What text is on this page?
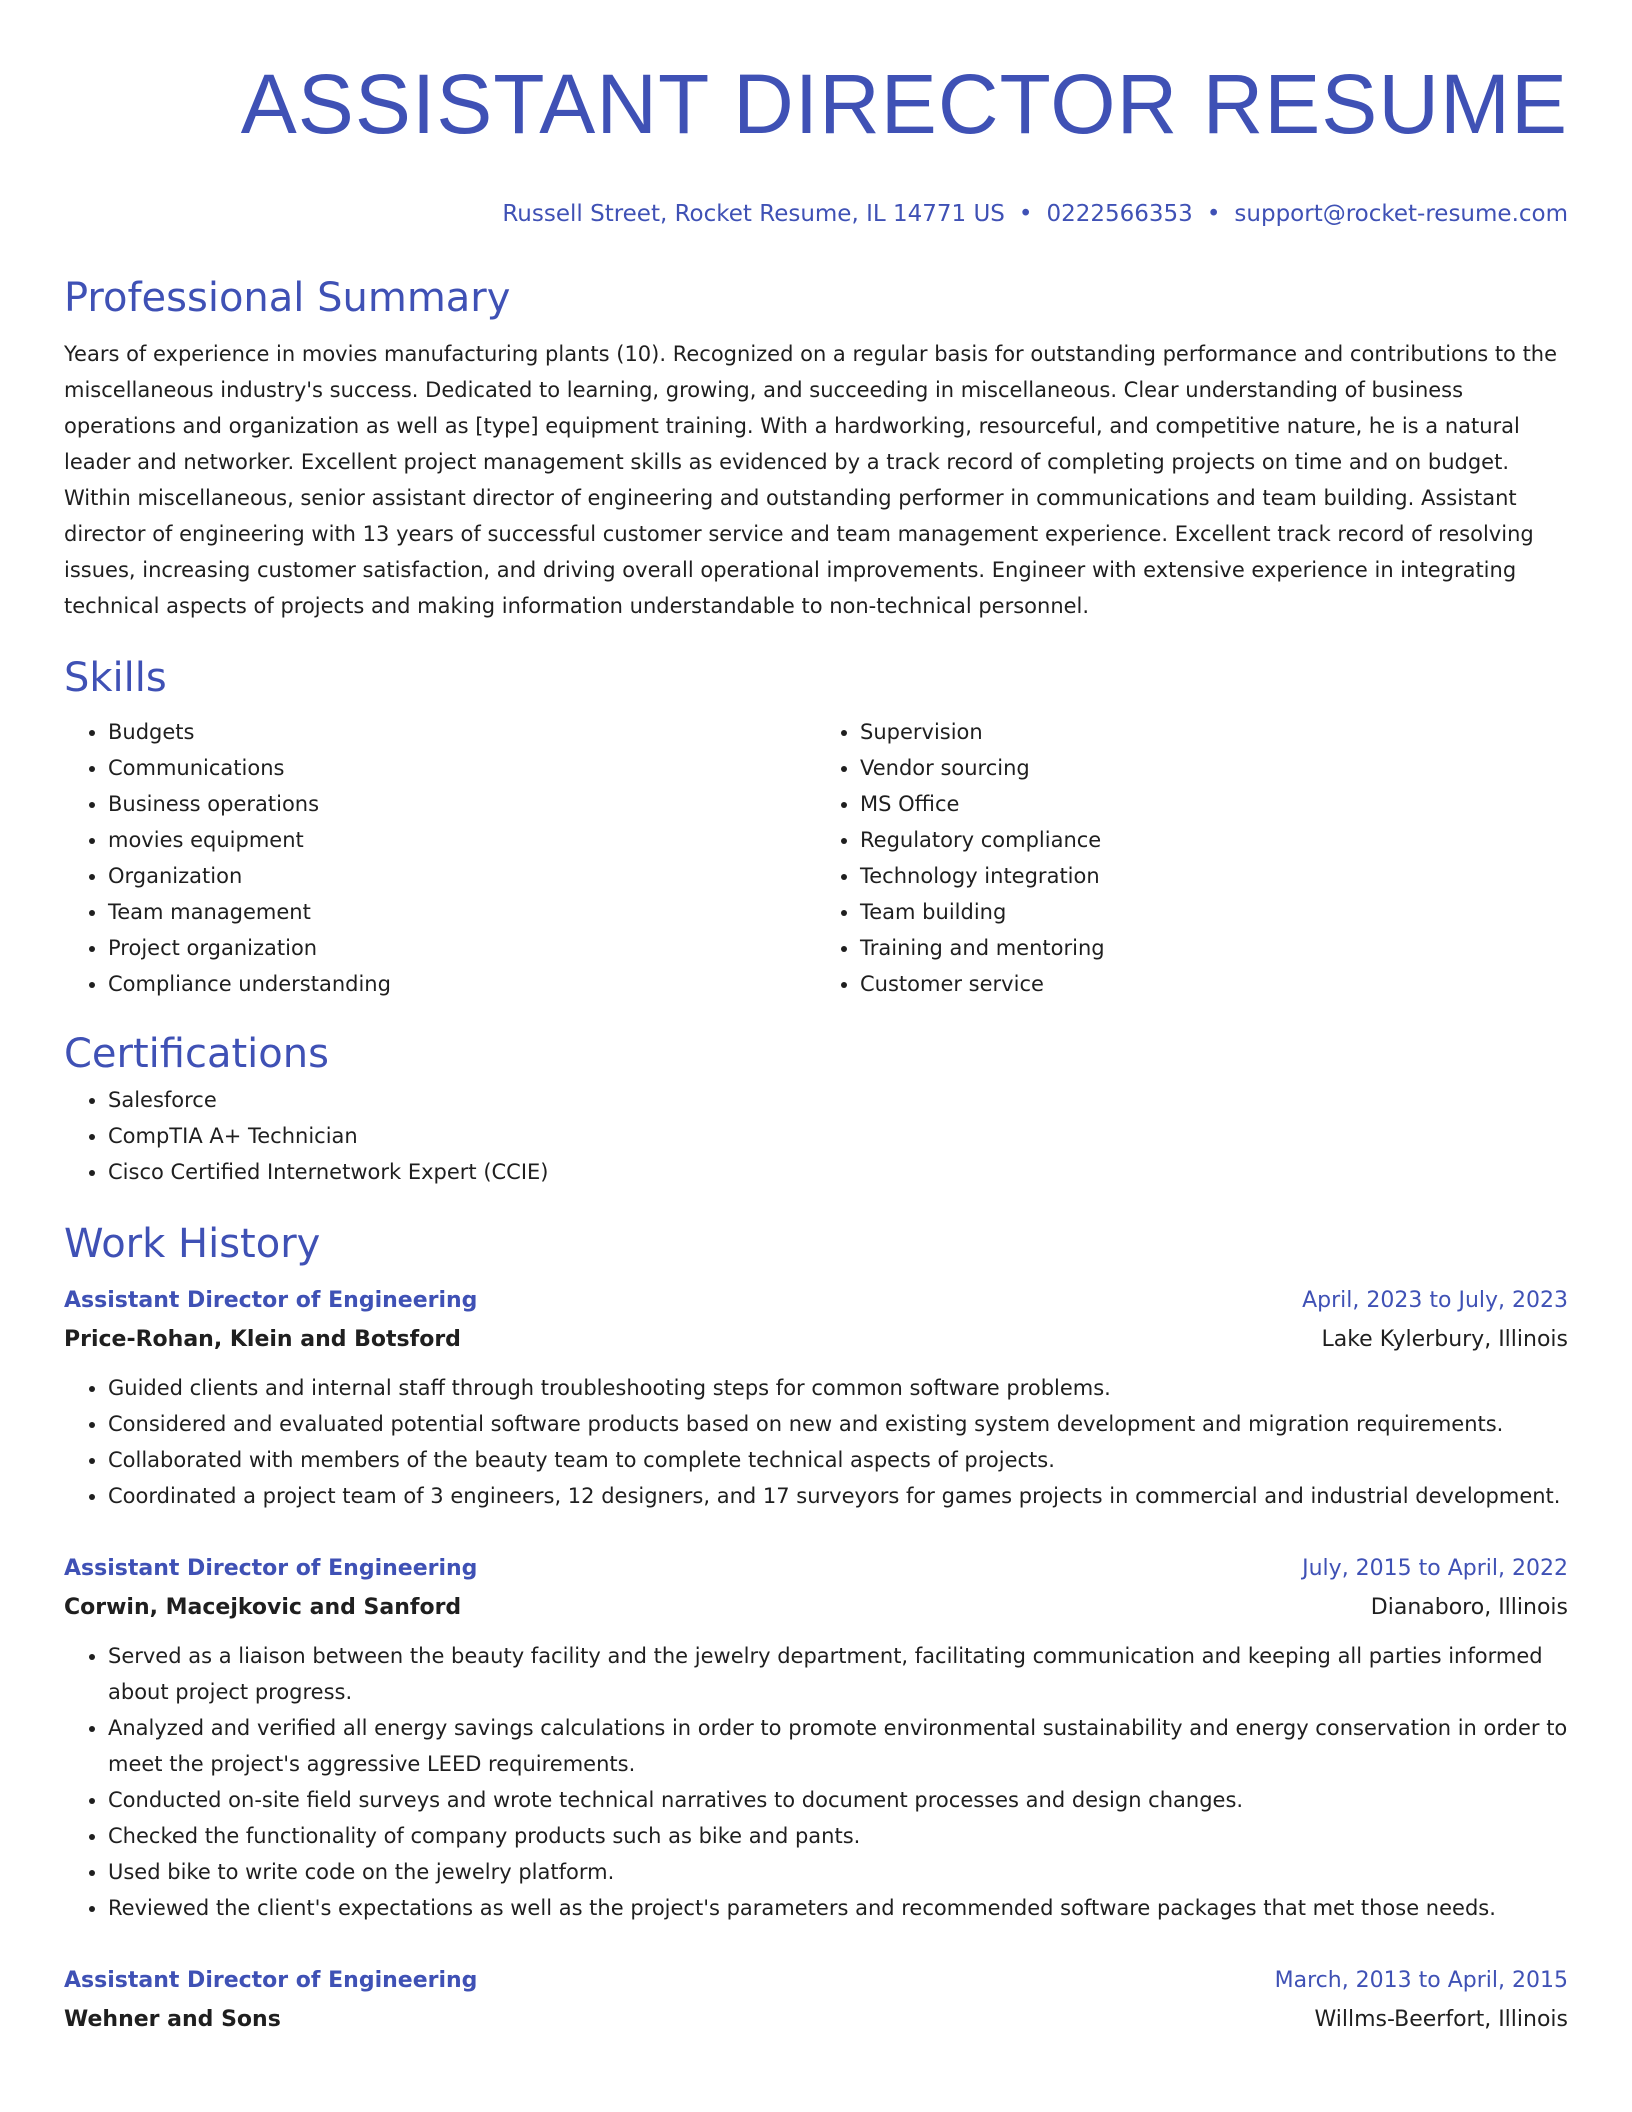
ASSISTANT DIRECTOR RESUME
Russell Street, Rocket Resume, IL 14771 US • 0222566353 • support@rocket-resume.com
Professional Summary

Years of experience in movies manufacturing plants (10). Recognized on a regular basis for outstanding performance and contributions to the miscellaneous industry's success. Dedicated to learning, growing, and succeeding in miscellaneous. Clear understanding of business operations and organization as well as [type] equipment training. With a hardworking, resourceful, and competitive nature, he is a natural leader and networker. Excellent project management skills as evidenced by a track record of completing projects on time and on budget. Within miscellaneous, senior assistant director of engineering and outstanding performer in communications and team building. Assistant director of engineering with 13 years of successful customer service and team management experience. Excellent track record of resolving issues, increasing customer satisfaction, and driving overall operational improvements. Engineer with extensive experience in integrating technical aspects of projects and making information understandable to non-technical personnel.

Skills
• Budgets
• Communications
• Business operations
• movies equipment
• Organization
• Team management
• Project organization
• Compliance understanding
• Supervision
• Vendor sourcing
• MS Office
• Regulatory compliance
• Technology integration
• Team building
• Training and mentoring
• Customer service
Certifications
• Salesforce
• CompTIA A+ Technician
• Cisco Certified Internetwork Expert (CCIE)
Work History
Assistant Director of Engineering	April, 2023 to July, 2023
Price-Rohan, Klein and Botsford	Lake Kylerbury, Illinois
• Guided clients and internal staff through troubleshooting steps for common software problems.
• Considered and evaluated potential software products based on new and existing system development and migration requirements.
• Collaborated with members of the beauty team to complete technical aspects of projects.
• Coordinated a project team of 3 engineers, 12 designers, and 17 surveyors for games projects in commercial and industrial development.
Assistant Director of Engineering	July, 2015 to April, 2022
Corwin, Macejkovic and Sanford	Dianaboro, Illinois
• Served as a liaison between the beauty facility and the jewelry department, facilitating communication and keeping all parties informed about project progress.
• Analyzed and verified all energy savings calculations in order to promote environmental sustainability and energy conservation in order to meet the project's aggressive LEED requirements.
• Conducted on-site field surveys and wrote technical narratives to document processes and design changes.
• Checked the functionality of company products such as bike and pants.
• Used bike to write code on the jewelry platform.
• Reviewed the client's expectations as well as the project's parameters and recommended software packages that met those needs.
Assistant Director of Engineering	March, 2013 to April, 2015
Wehner and Sons	Willms-Beerfort, Illinois
